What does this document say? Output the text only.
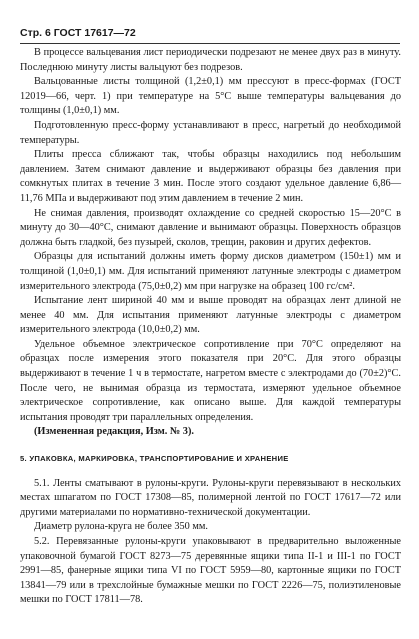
Стр. 6 ГОСТ 17617—72

В процессе вальцевания лист периодически подрезают не менее двух раз в минуту. Последнюю минуту листы вальцуют без подрезов.

Вальцованные листы толщиной (1,2±0,1) мм прессуют в пресс-формах (ГОСТ 12019—66, черт. 1) при температуре на 5°С выше температуры вальцевания до толщины (1,0±0,1) мм.

Подготовленную пресс-форму устанавливают в пресс, нагретый до необходимой температуры.

Плиты пресса сближают так, чтобы образцы находились под небольшим давлением. Затем снимают давление и выдерживают образцы без давления при сомкнутых плитах в течение 3 мин. После этого создают удельное давление 6,86—11,76 МПа и выдерживают под этим давлением в течение 2 мин.

Не снимая давления, производят охлаждение со средней скоростью 15—20°С в минуту до 30—40°С, снимают давление и вынимают образцы. Поверхность образцов должна быть гладкой, без пузырей, сколов, трещин, раковин и других дефектов.

Образцы для испытаний должны иметь форму дисков диаметром (150±1) мм и толщиной (1,0±0,1) мм. Для испытаний применяют латунные электроды с диаметром измерительного электрода (75,0±0,2) мм при нагрузке на образец 100 гс/см².

Испытание лент шириной 40 мм и выше проводят на образцах лент длиной не менее 40 мм. Для испытания применяют латунные электроды с диаметром измерительного электрода (10,0±0,2) мм.

Удельное объемное электрическое сопротивление при 70°С определяют на образцах после измерения этого показателя при 20°С. Для этого образцы выдерживают в течение 1 ч в термостате, нагретом вместе с электродами до (70±2)°С. После чего, не вынимая образца из термостата, измеряют удельное объемное электрическое сопротивление, как описано выше. Для каждой температуры испытания проводят три параллельных определения.

(Измененная редакция, Изм. № 3).

5. УПАКОВКА, МАРКИРОВКА, ТРАНСПОРТИРОВАНИЕ И ХРАНЕНИЕ

5.1. Ленты сматывают в рулоны-круги. Рулоны-круги перевязывают в нескольких местах шпагатом по ГОСТ 17308—85, полимерной лентой по ГОСТ 17617—72 или другими материалами по нормативно-технической документации.

Диаметр рулона-круга не более 350 мм.

5.2. Перевязанные рулоны-круги упаковывают в предварительно выложенные упаковочной бумагой ГОСТ 8273—75 деревянные ящики типа II-1 и III-1 по ГОСТ 2991—85, фанерные ящики типа VI по ГОСТ 5959—80, картонные ящики по ГОСТ 13841—79 или в трехслойные бумажные мешки по ГОСТ 2226—75, полиэтиленовые мешки по ГОСТ 17811—78.
